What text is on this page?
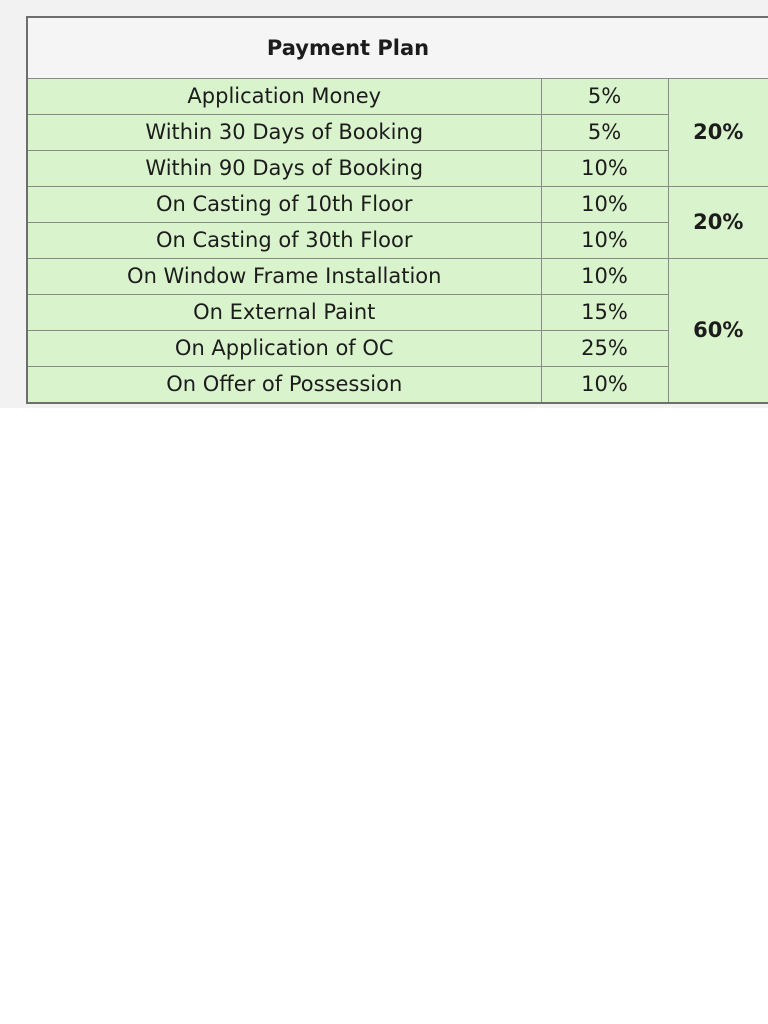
Payment Plan		
Application Money	5%	20%
Within 30 Days of Booking	5%	
Within 90 Days of Booking	10%	
On Casting of 10th Floor	10%	20%
On Casting of 30th Floor	10%	
On Window Frame Installation	10%	60%
On External Paint	15%	
On Application of OC	25%	
On Offer of Possession	10%	
